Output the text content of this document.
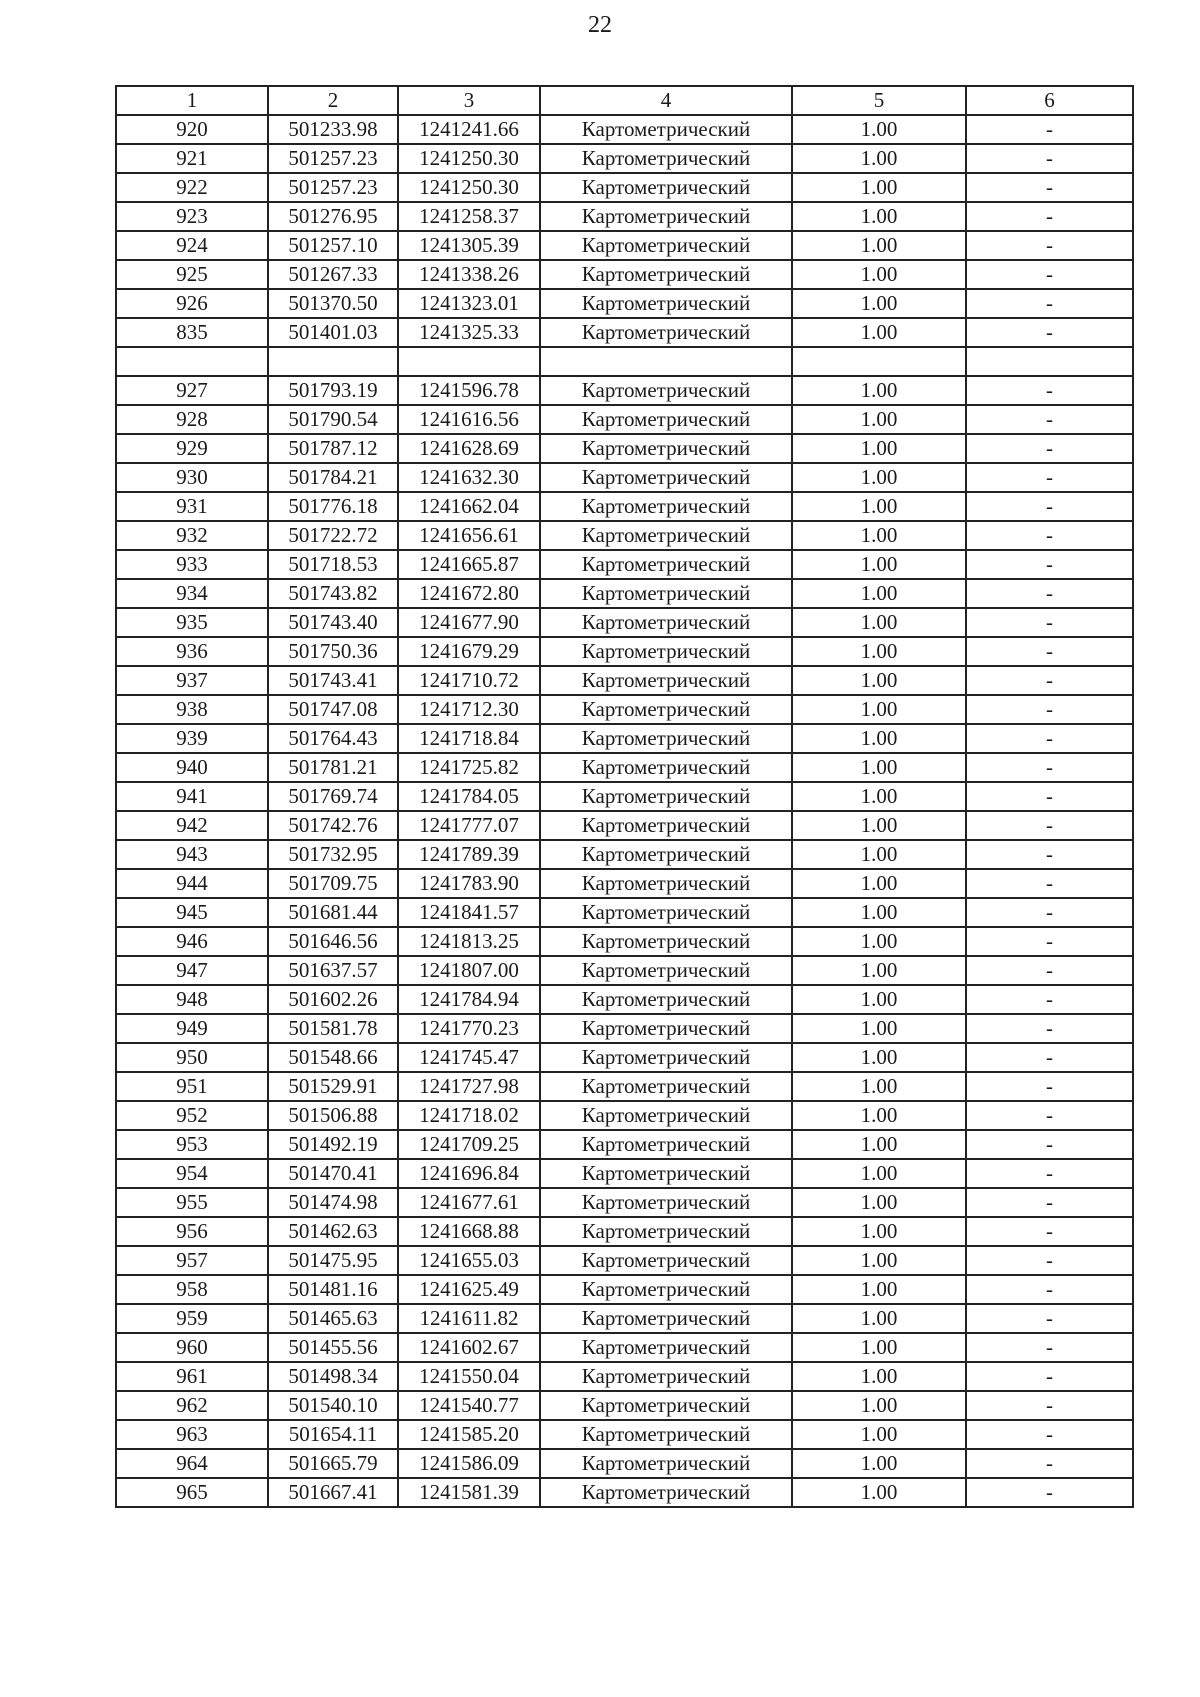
22
1	2	3	4	5	6
920	501233.98	1241241.66	Картометрический	1.00	-
921	501257.23	1241250.30	Картометрический	1.00	-
922	501257.23	1241250.30	Картометрический	1.00	-
923	501276.95	1241258.37	Картометрический	1.00	-
924	501257.10	1241305.39	Картометрический	1.00	-
925	501267.33	1241338.26	Картометрический	1.00	-
926	501370.50	1241323.01	Картометрический	1.00	-
835	501401.03	1241325.33	Картометрический	1.00	-

927	501793.19	1241596.78	Картометрический	1.00	-
928	501790.54	1241616.56	Картометрический	1.00	-
929	501787.12	1241628.69	Картометрический	1.00	-
930	501784.21	1241632.30	Картометрический	1.00	-
931	501776.18	1241662.04	Картометрический	1.00	-
932	501722.72	1241656.61	Картометрический	1.00	-
933	501718.53	1241665.87	Картометрический	1.00	-
934	501743.82	1241672.80	Картометрический	1.00	-
935	501743.40	1241677.90	Картометрический	1.00	-
936	501750.36	1241679.29	Картометрический	1.00	-
937	501743.41	1241710.72	Картометрический	1.00	-
938	501747.08	1241712.30	Картометрический	1.00	-
939	501764.43	1241718.84	Картометрический	1.00	-
940	501781.21	1241725.82	Картометрический	1.00	-
941	501769.74	1241784.05	Картометрический	1.00	-
942	501742.76	1241777.07	Картометрический	1.00	-
943	501732.95	1241789.39	Картометрический	1.00	-
944	501709.75	1241783.90	Картометрический	1.00	-
945	501681.44	1241841.57	Картометрический	1.00	-
946	501646.56	1241813.25	Картометрический	1.00	-
947	501637.57	1241807.00	Картометрический	1.00	-
948	501602.26	1241784.94	Картометрический	1.00	-
949	501581.78	1241770.23	Картометрический	1.00	-
950	501548.66	1241745.47	Картометрический	1.00	-
951	501529.91	1241727.98	Картометрический	1.00	-
952	501506.88	1241718.02	Картометрический	1.00	-
953	501492.19	1241709.25	Картометрический	1.00	-
954	501470.41	1241696.84	Картометрический	1.00	-
955	501474.98	1241677.61	Картометрический	1.00	-
956	501462.63	1241668.88	Картометрический	1.00	-
957	501475.95	1241655.03	Картометрический	1.00	-
958	501481.16	1241625.49	Картометрический	1.00	-
959	501465.63	1241611.82	Картометрический	1.00	-
960	501455.56	1241602.67	Картометрический	1.00	-
961	501498.34	1241550.04	Картометрический	1.00	-
962	501540.10	1241540.77	Картометрический	1.00	-
963	501654.11	1241585.20	Картометрический	1.00	-
964	501665.79	1241586.09	Картометрический	1.00	-
965	501667.41	1241581.39	Картометрический	1.00	-
